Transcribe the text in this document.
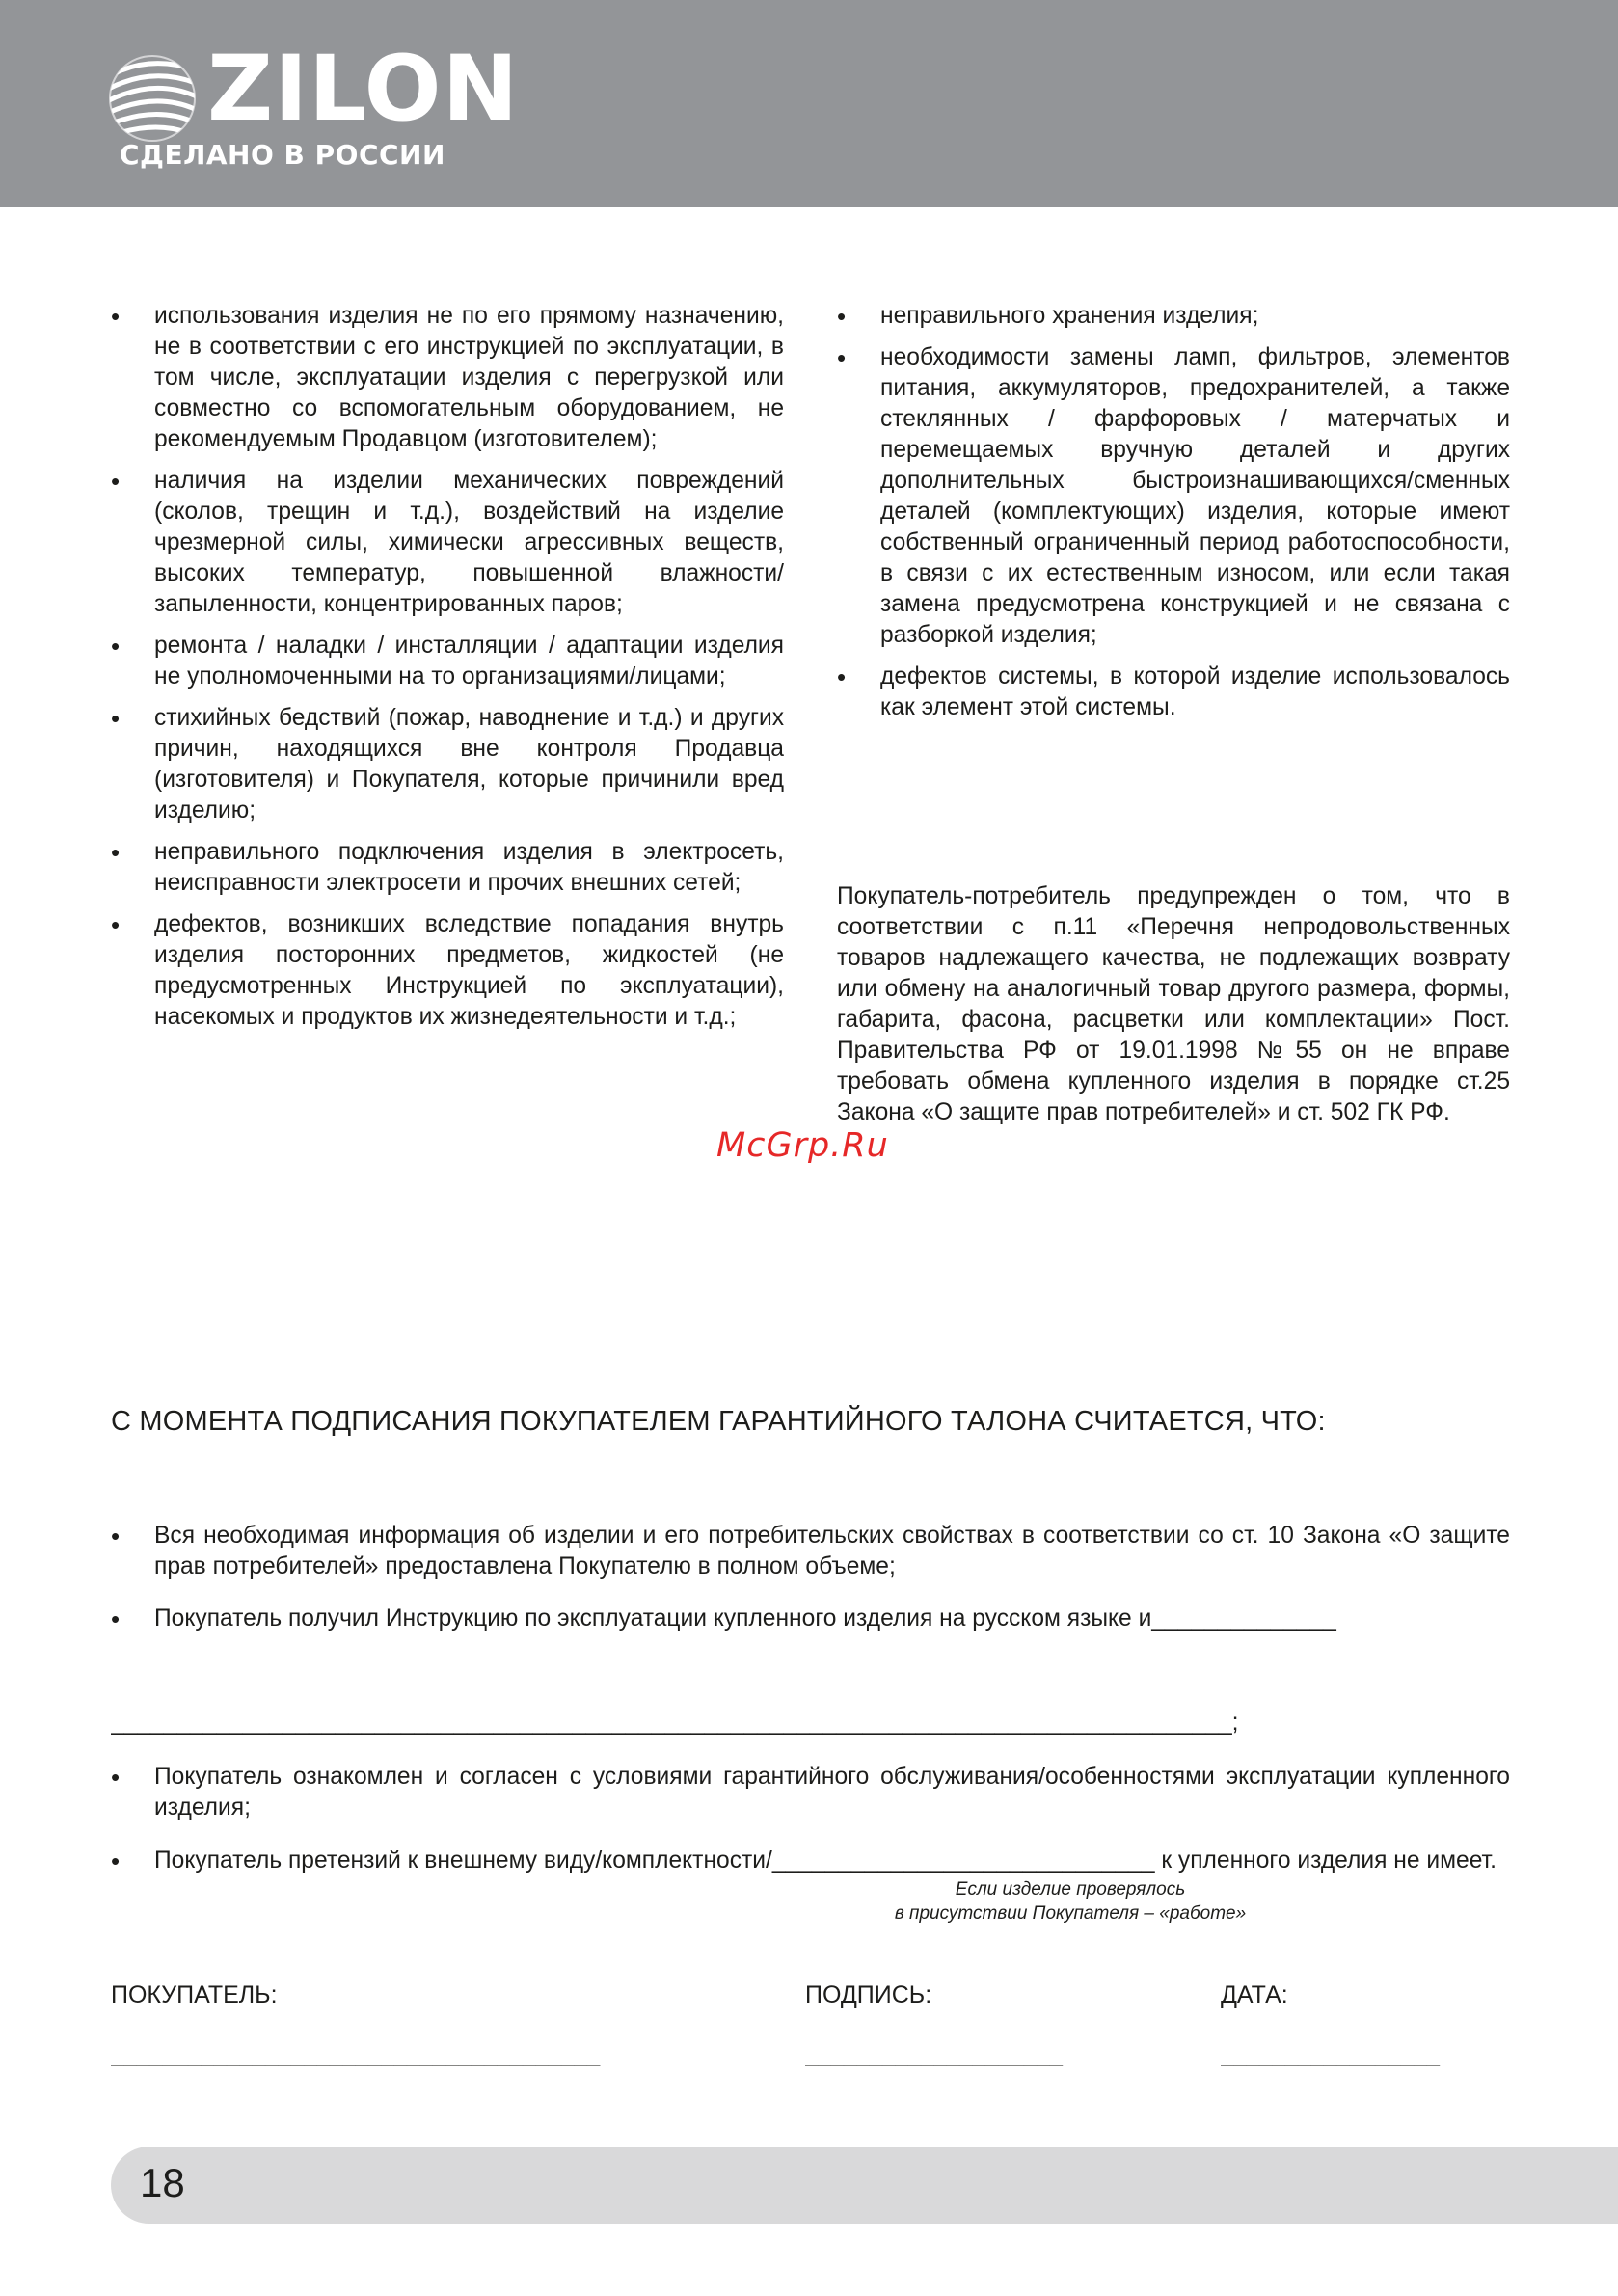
ZILON
СДЕЛАНО В РОССИИ
• использования изделия не по его прямому назначению, не в соответствии с его инструкцией по эксплуатации, в том числе, эксплуатации изделия с перегрузкой или совместно со вспомогательным оборудованием, не рекомендуемым Продавцом (изготовителем);
• наличия на изделии механических повреждений (сколов, трещин и т.д.), воздействий на изделие чрезмерной силы, химически агрессивных веществ, высоких температур, повышенной влажности/запыленности, концентрированных паров;
• ремонта / наладки / инсталляции / адаптации изделия не уполномоченными на то организациями/лицами;
• стихийных бедствий (пожар, наводнение и т.д.) и других причин, находящихся вне контроля Продавца (изготовителя) и Покупателя, которые причинили вред изделию;
• неправильного подключения изделия в электросеть, неисправности электросети и прочих внешних сетей;
• дефектов, возникших вследствие попадания внутрь изделия посторонних предметов, жидкостей (не предусмотренных Инструкцией по эксплуатации), насекомых и продуктов их жизнедеятельности и т.д.;
• неправильного хранения изделия;
• необходимости замены ламп, фильтров, элементов питания, аккумуляторов, предохранителей, а также стеклянных / фарфоровых / матерчатых и перемещаемых вручную деталей и других дополнительных быстроизнашивающихся/сменных деталей (комплектующих) изделия, которые имеют собственный ограниченный период работоспособности, в связи с их естественным износом, или если такая замена предусмотрена конструкцией и не связана с разборкой изделия;
• дефектов системы, в которой изделие использовалось как элемент этой системы.
Покупатель-потребитель предупрежден о том, что в соответствии с п.11 «Перечня непродовольственных товаров надлежащего качества, не подлежащих возврату или обмену на аналогичный товар другого размера, формы, габарита, фасона, расцветки или комплектации» Пост. Правительства РФ от 19.01.1998 №55 он не вправе требовать обмена купленного изделия в порядке ст.25 Закона «О защите прав потребителей» и ст. 502 ГК РФ.
McGrp.Ru
С МОМЕНТА ПОДПИСАНИЯ ПОКУПАТЕЛЕМ ГАРАНТИЙНОГО ТАЛОНА СЧИТАЕТСЯ, ЧТО:
•	Вся необходимая информация об изделии и его потребительских свойствах в соответствии со ст. 10 Закона «О защите прав потребителей» предоставлена Покупателю в полном объеме;
•	Покупатель получил Инструкцию по эксплуатации купленного изделия на русском языке и______________
_____________________________________________________________________________________;
•	Покупатель ознакомлен и согласен с условиями гарантийного обслуживания/особенностями эксплуатации купленного изделия;
•	Покупатель претензий к внешнему виду/комплектности/_____________________________ к упленного изделия не имеет.
Если изделие проверялось
в присутствии Покупателя – «работе»
ПОКУПАТЕЛЬ:	ПОДПИСЬ:	ДАТА:
______________________________________	____________________	_________________
18
